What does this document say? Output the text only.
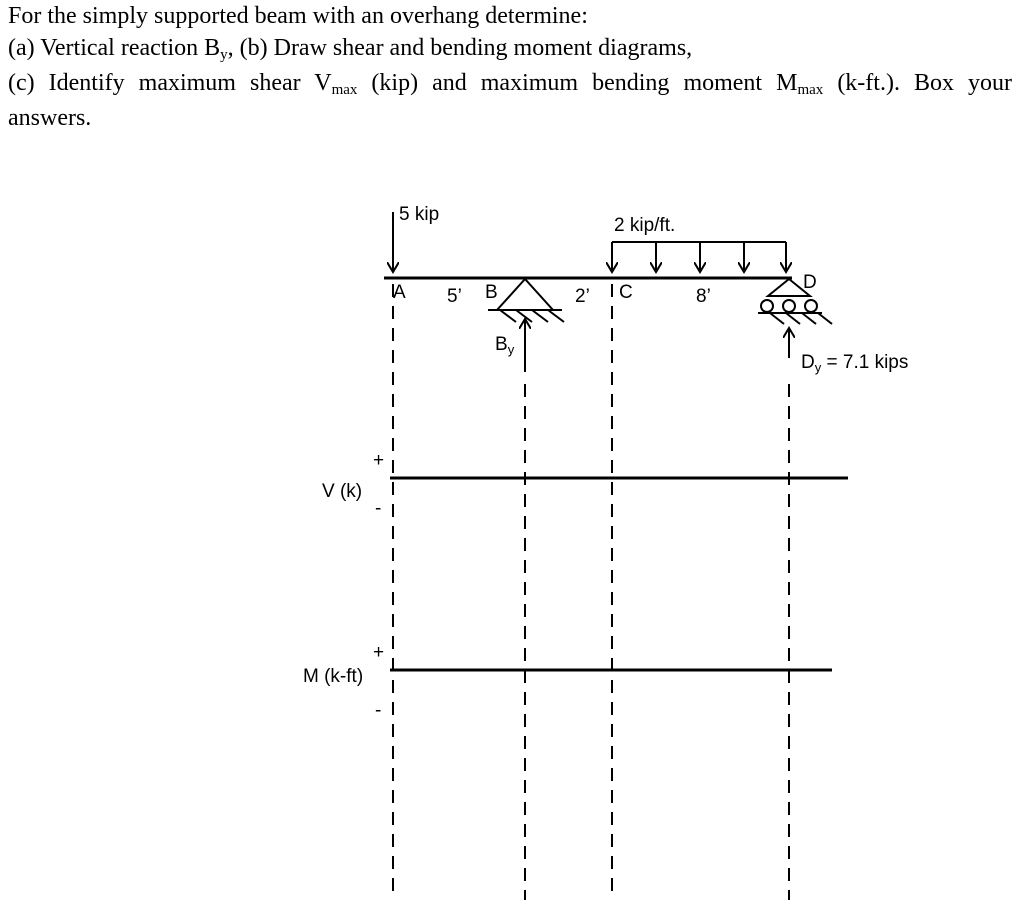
For the simply supported beam with an overhang determine:
(a) Vertical reaction By, (b) Draw shear and bending moment diagrams,
(c) Identify maximum shear Vmax (kip) and maximum bending moment Mmax (k-ft.). Box your
answers.
5 kip
2 kip/ft.
A 5’ B	2’ C	8’
D
$B_y$
$D_y = 7.1$ kips
V (k)
+
-
M (k-ft)
+
-
